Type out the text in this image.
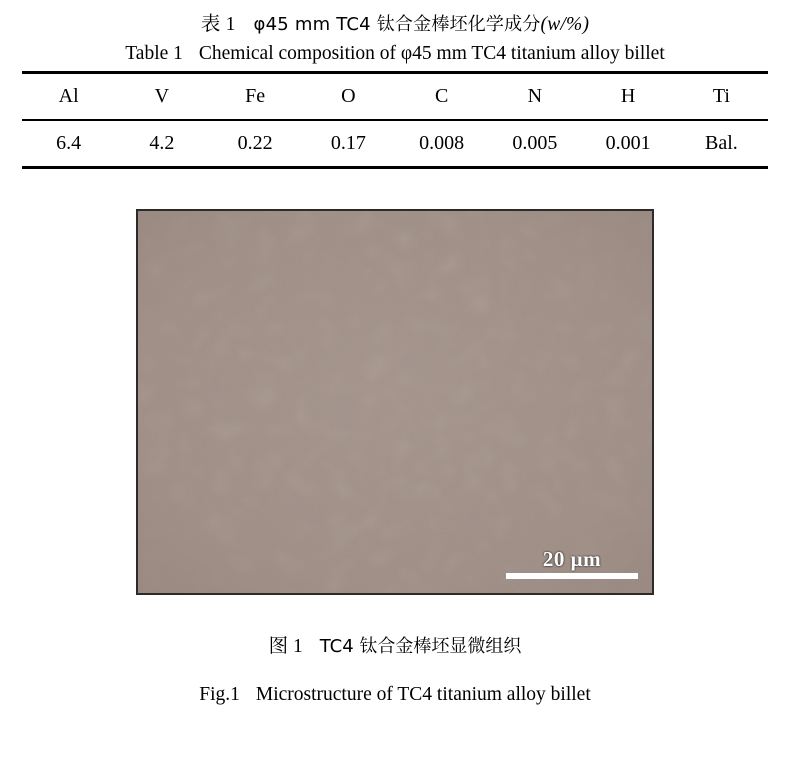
表 1 φ45 mm TC4 钛合金棒坯化学成分(w/%)
Table 1 Chemical composition of φ45 mm TC4 titanium alloy billet
Al	V	Fe	O	C	N	H	Ti
6.4	4.2	0.22	0.17	0.008	0.005	0.001	Bal.
20 μm
图 1 TC4 钛合金棒坯显微组织
Fig.1 Microstructure of TC4 titanium alloy billet
